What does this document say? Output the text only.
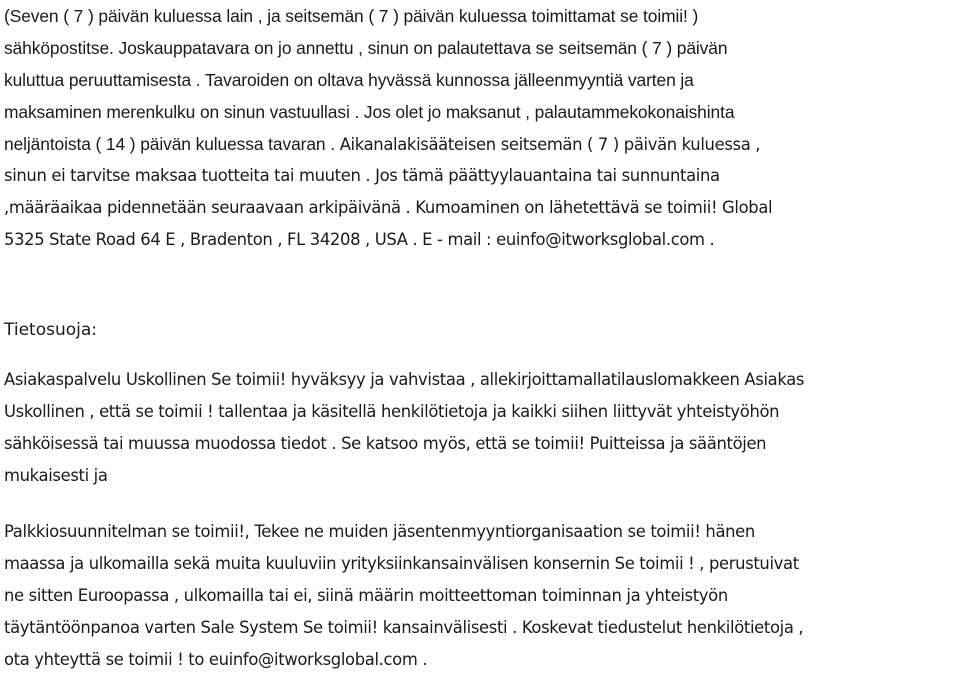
(Seven ( 7 ) päivän kuluessa lain , ja seitsemän ( 7 ) päivän kuluessa toimittamat se toimii! )
sähköpostitse. Joskauppatavara on jo annettu , sinun on palautettava se seitsemän ( 7 ) päivän
kuluttua peruuttamisesta . Tavaroiden on oltava hyvässä kunnossa jälleenmyyntiä varten ja
maksaminen merenkulku on sinun vastuullasi . Jos olet jo maksanut , palautammekokonaishinta
neljäntoista ( 14 ) päivän kuluessa tavaran . Aikanalakisääteisen seitsemän ( 7 ) päivän kuluessa ,
sinun ei tarvitse maksaa tuotteita tai muuten . Jos tämä päättyylauantaina tai sunnuntaina
,määräaikaa pidennetään seuraavaan arkipäivänä . Kumoaminen on lähetettävä se toimii! Global
5325 State Road 64 E , Bradenton , FL 34208 , USA . E - mail : euinfo@itworksglobal.com .
Tietosuoja:
Asiakaspalvelu Uskollinen Se toimii! hyväksyy ja vahvistaa , allekirjoittamallatilauslomakkeen Asiakas
Uskollinen , että se toimii ! tallentaa ja käsitellä henkilötietoja ja kaikki siihen liittyvät yhteistyöhön
sähköisessä tai muussa muodossa tiedot . Se katsoo myös, että se toimii! Puitteissa ja sääntöjen
mukaisesti ja
Palkkiosuunnitelman se toimii!, Tekee ne muiden jäsentenmyyntiorganisaation se toimii! hänen
maassa ja ulkomailla sekä muita kuuluviin yrityksiinkansainvälisen konsernin Se toimii ! , perustuivat
ne sitten Euroopassa , ulkomailla tai ei, siinä määrin moitteettoman toiminnan ja yhteistyön
täytäntöönpanoa varten Sale System Se toimii! kansainvälisesti . Koskevat tiedustelut henkilötietoja ,
ota yhteyttä se toimii ! to euinfo@itworksglobal.com .
